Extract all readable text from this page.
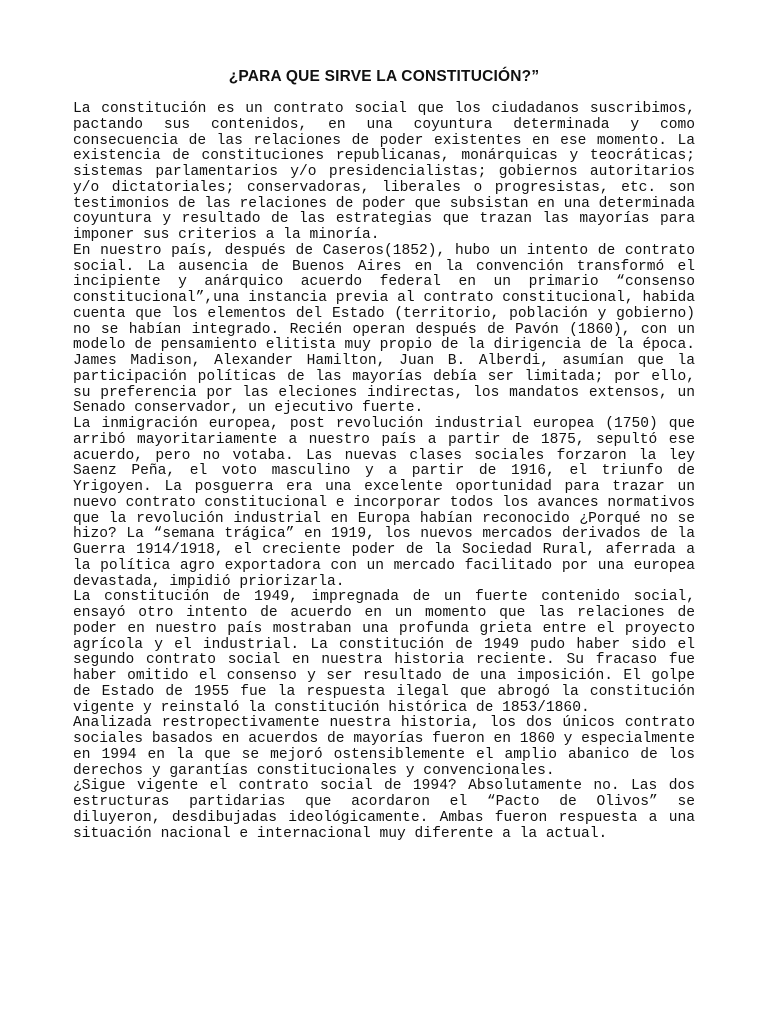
¿PARA QUE SIRVE LA CONSTITUCIÓN?”

La constitución es un contrato social que los ciudadanos suscribimos, pactando sus contenidos, en una coyuntura determinada y como consecuencia de las relaciones de poder existentes en ese momento. La existencia de constituciones republicanas, monárquicas y teocráticas; sistemas parlamentarios y/o presidencialistas; gobiernos autoritarios y/o dictatoriales; conservadoras, liberales o progresistas, etc. son testimonios de las relaciones de poder que subsistan en una determinada coyuntura y resultado de las estrategias que trazan las mayorías para imponer sus criterios a la minoría.

En nuestro país, después de Caseros(1852), hubo un intento de contrato social. La ausencia de Buenos Aires en la convención transformó el incipiente y anárquico acuerdo federal en un primario “consenso constitucional”,una instancia previa al contrato constitucional, habida cuenta que los elementos del Estado (territorio, población y gobierno) no se habían integrado. Recién operan después de Pavón (1860), con un modelo de pensamiento elitista muy propio de la dirigencia de la época. James Madison, Alexander Hamilton, Juan B. Alberdi, asumían que la participación políticas de las mayorías debía ser limitada; por ello, su preferencia por las eleciones indirectas, los mandatos extensos, un Senado conservador, un ejecutivo fuerte.

La inmigración europea, post revolución industrial europea (1750) que arribó mayoritariamente a nuestro país a partir de 1875, sepultó ese acuerdo, pero no votaba. Las nuevas clases sociales forzaron la ley Saenz Peña, el voto masculino y a partir de 1916, el triunfo de Yrigoyen. La posguerra era una excelente oportunidad para trazar un nuevo contrato constitucional e incorporar todos los avances normativos que la revolución industrial en Europa habían reconocido ¿Porqué no se hizo? La “semana trágica” en 1919, los nuevos mercados derivados de la Guerra 1914/1918, el creciente poder de la Sociedad Rural, aferrada a la política agro exportadora con un mercado facilitado por una europea devastada, impidió priorizarla.

La constitución de 1949, impregnada de un fuerte contenido social, ensayó otro intento de acuerdo en un momento que las relaciones de poder en nuestro país mostraban una profunda grieta entre el proyecto agrícola y el industrial. La constitución de 1949 pudo haber sido el segundo contrato social en nuestra historia reciente. Su fracaso fue haber omitido el consenso y ser resultado de una imposición. El golpe de Estado de 1955 fue la respuesta ilegal que abrogó la constitución vigente y reinstaló la constitución histórica de 1853/1860.

Analizada restropectivamente nuestra historia, los dos únicos contrato sociales basados en acuerdos de mayorías fueron en 1860 y especialmente en 1994 en la que se mejoró ostensiblemente el amplio abanico de los derechos y garantías constitucionales y convencionales.

¿Sigue vigente el contrato social de 1994? Absolutamente no. Las dos estructuras partidarias que acordaron el “Pacto de Olivos” se diluyeron, desdibujadas ideológicamente. Ambas fueron respuesta a una situación nacional e internacional muy diferente a la actual.
